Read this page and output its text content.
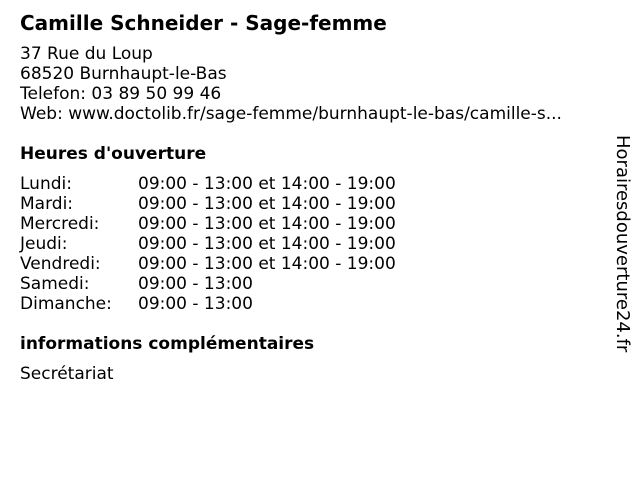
Camille Schneider - Sage-femme
37 Rue du Loup
68520 Burnhaupt-le-Bas
Telefon: 03 89 50 99 46
Web: www.doctolib.fr/sage-femme/burnhaupt-le-bas/camille-s...
Heures d'ouverture
Lundi:	09:00 - 13:00 et 14:00 - 19:00
Mardi:	09:00 - 13:00 et 14:00 - 19:00
Mercredi:	09:00 - 13:00 et 14:00 - 19:00
Jeudi:	09:00 - 13:00 et 14:00 - 19:00
Vendredi:	09:00 - 13:00 et 14:00 - 19:00
Samedi:	09:00 - 13:00
Dimanche:	09:00 - 13:00
informations complémentaires
Secrétariat
Horairesdouverture24.fr
